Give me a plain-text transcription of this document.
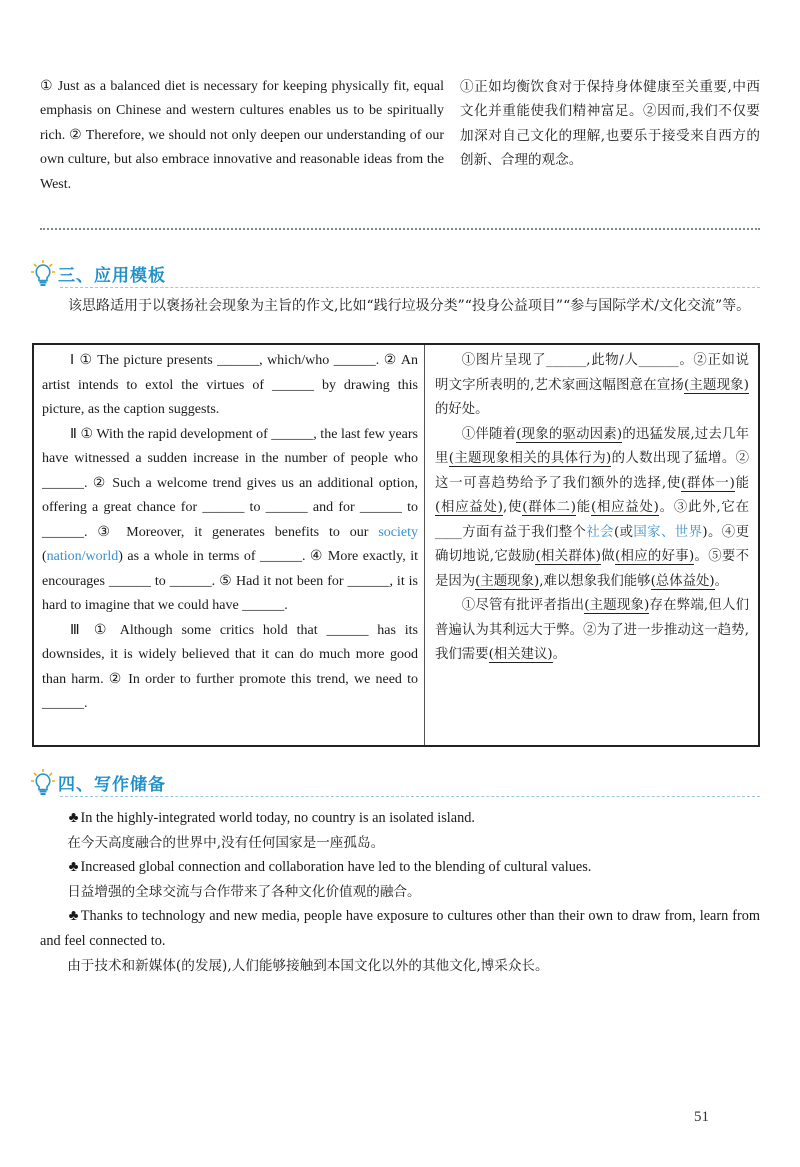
① Just as a balanced diet is necessary for keeping physically fit, equal emphasis on Chinese and western cultures enables us to be spiritually rich. ② Therefore, we should not only deepen our understanding of our own culture, but also embrace innovative and reasonable ideas from the West.
①正如均衡饮食对于保持身体健康至关重要,中西文化并重能使我们精神富足。②因而,我们不仅要加深对自己文化的理解,也要乐于接受来自西方的创新、合理的观念。
三、应用模板
该思路适用于以褒扬社会现象为主旨的作文,比如“践行垃圾分类”“投身公益项目”“参与国际学术/文化交流”等。

Ⅰ ① The picture presents ______, which/who ______. ② An artist intends to extol the virtues of ______ by drawing this picture, as the caption suggests.

Ⅱ ① With the rapid development of ______, the last few years have witnessed a sudden increase in the number of people who ______. ② Such a welcome trend gives us an additional option, offering a great chance for ______ to ______ and for ______ to ______. ③ Moreover, it generates benefits to our society (nation/world) as a whole in terms of ______. ④ More exactly, it encourages ______ to ______. ⑤ Had it not been for ______, it is hard to imagine that we could have ______.

Ⅲ ① Although some critics hold that ______ has its downsides, it is widely believed that it can do much more good than harm. ② In order to further promote this trend, we need to ______.

①图片呈现了______,此物/人______。②正如说明文字所表明的,艺术家画这幅图意在宣扬(主题现象)的好处。

①伴随着(现象的驱动因素)的迅猛发展,过去几年里(主题现象相关的具体行为)的人数出现了猛增。②这一可喜趋势给予了我们额外的选择,使(群体一)能(相应益处),使(群体二)能(相应益处)。③此外,它在____方面有益于我们整个社会(或国家、世界)。④更确切地说,它鼓励(相关群体)做(相应的好事)。⑤要不是因为(主题现象),难以想象我们能够(总体益处)。

①尽管有批评者指出(主题现象)存在弊端,但人们普遍认为其利远大于弊。②为了进一步推动这一趋势,我们需要(相关建议)。

四、写作储备

♣ In the highly-integrated world today, no country is an isolated island.

在今天高度融合的世界中,没有任何国家是一座孤岛。

♣ Increased global connection and collaboration have led to the blending of cultural values.

日益增强的全球交流与合作带来了各种文化价值观的融合。

♣ Thanks to technology and new media, people have exposure to cultures other than their own to draw from, learn from and feel connected to.

由于技术和新媒体(的发展),人们能够接触到本国文化以外的其他文化,博采众长。

51
